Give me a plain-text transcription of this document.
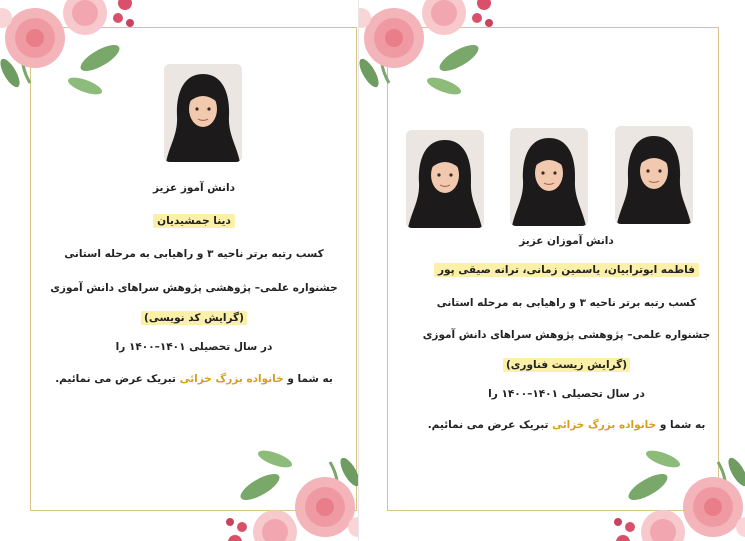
دانش آموز عزیز
دینا جمشیدیان
کسب رتبه برتر ناحیه ۳ و راهیابی به مرحله استانی
جشنواره علمی– پژوهشی پژوهش سراهای دانش آموزی
(گرایش کد نویسی)
در سال تحصیلی ۱۴۰۱–۱۴۰۰ را
به شما و خانواده بزرگ خزائی تبریک عرض می نمائیم.
دانش آموزان عزیز
فاطمه ابوترابیان، یاسمین زمانی، ترانه صیقی پور
کسب رتبه برتر ناحیه ۳ و راهیابی به مرحله استانی
جشنواره علمی– پژوهشی پژوهش سراهای دانش آموزی
(گرایش زیست فناوری)
در سال تحصیلی ۱۴۰۱–۱۴۰۰ را
به شما و خانواده بزرگ خزائی تبریک عرض می نمائیم.
